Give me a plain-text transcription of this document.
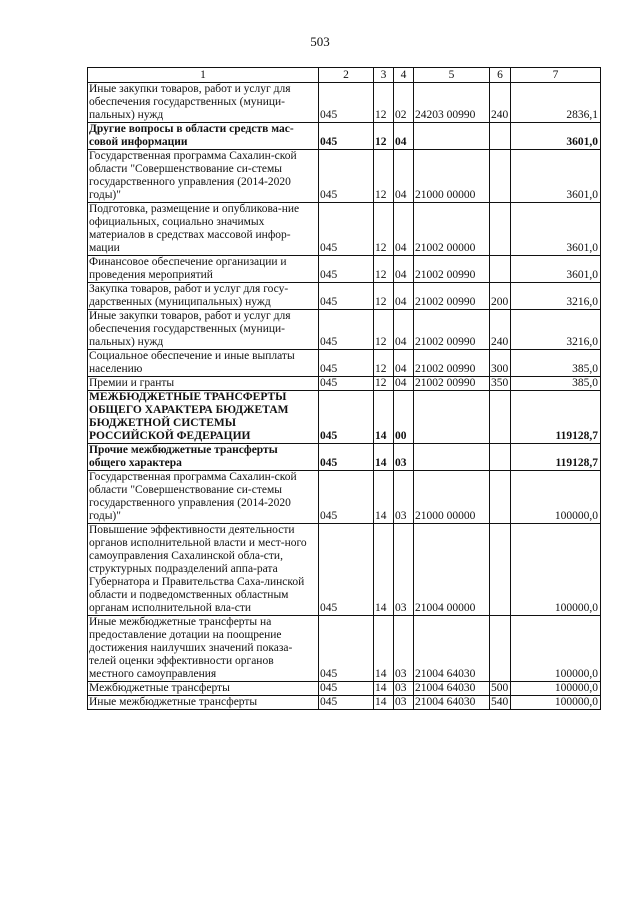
503
1	2	3	4	5	6	7
Иные закупки товаров, работ и услуг для обеспечения государственных (муници-пальных) нужд	045	12	02	24203 00990	240	2836,1
Другие вопросы в области средств мас-совой информации	045	12	04			3601,0
Государственная программа Сахалин-ской области "Совершенствование си-стемы государственного управления (2014-2020 годы)"	045	12	04	21000 00000		3601,0
Подготовка, размещение и опубликова-ние официальных, социально значимых материалов в средствах массовой инфор-мации	045	12	04	21002 00000		3601,0
Финансовое обеспечение организации и проведения мероприятий	045	12	04	21002 00990		3601,0
Закупка товаров, работ и услуг для госу-дарственных (муниципальных) нужд	045	12	04	21002 00990	200	3216,0
Иные закупки товаров, работ и услуг для обеспечения государственных (муници-пальных) нужд	045	12	04	21002 00990	240	3216,0
Социальное обеспечение и иные выплаты населению	045	12	04	21002 00990	300	385,0
Премии и гранты	045	12	04	21002 00990	350	385,0
МЕЖБЮДЖЕТНЫЕ ТРАНСФЕРТЫ ОБЩЕГО ХАРАКТЕРА БЮДЖЕТАМ БЮДЖЕТНОЙ СИСТЕМЫ РОССИЙСКОЙ ФЕДЕРАЦИИ	045	14	00			119128,7
Прочие межбюджетные трансферты общего характера	045	14	03			119128,7
Государственная программа Сахалин-ской области "Совершенствование си-стемы государственного управления (2014-2020 годы)"	045	14	03	21000 00000		100000,0
Повышение эффективности деятельности органов исполнительной власти и мест-ного самоуправления Сахалинской обла-сти, структурных подразделений аппа-рата Губернатора и Правительства Саха-линской области и подведомственных областным органам исполнительной вла-сти	045	14	03	21004 00000		100000,0
Иные межбюджетные трансферты на предоставление дотации на поощрение достижения наилучших значений показа-телей оценки эффективности органов местного самоуправления	045	14	03	21004 64030		100000,0
Межбюджетные трансферты	045	14	03	21004 64030	500	100000,0
Иные межбюджетные трансферты	045	14	03	21004 64030	540	100000,0
